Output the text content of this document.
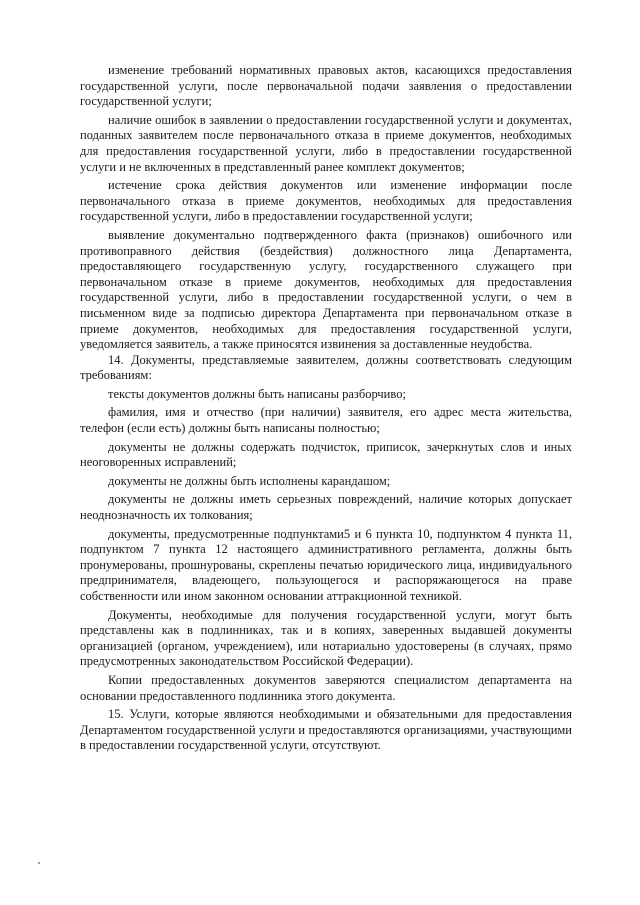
изменение требований нормативных правовых актов, касающихся предоставления государственной услуги, после первоначальной подачи заявления о предоставлении государственной услуги;

наличие ошибок в заявлении о предоставлении государственной услуги и документах, поданных заявителем после первоначального отказа в приеме документов, необходимых для предоставления государственной услуги, либо в предоставлении государственной услуги и не включенных в представленный ранее комплект документов;

истечение срока действия документов или изменение информации после первоначального отказа в приеме документов, необходимых для предоставления государственной услуги, либо в предоставлении государственной услуги;

выявление документально подтвержденного факта (признаков) ошибочного или противоправного действия (бездействия) должностного лица Департамента, предоставляющего государственную услугу, государственного служащего при первоначальном отказе в приеме документов, необходимых для предоставления государственной услуги, либо в предоставлении государственной услуги, о чем в письменном виде за подписью директора Департамента при первоначальном отказе в приеме документов, необходимых для предоставления государственной услуги, уведомляется заявитель, а также приносятся извинения за доставленные неудобства.

14. Документы, представляемые заявителем, должны соответствовать следующим требованиям:

тексты документов должны быть написаны разборчиво;

фамилия, имя и отчество (при наличии) заявителя, его адрес места жительства, телефон (если есть) должны быть написаны полностью;

документы не должны содержать подчисток, приписок, зачеркнутых слов и иных неоговоренных исправлений;

документы не должны быть исполнены карандашом;

документы не должны иметь серьезных повреждений, наличие которых допускает неоднозначность их толкования;

документы, предусмотренные подпунктами5 и 6 пункта 10, подпунктом 4 пункта 11, подпунктом 7 пункта 12 настоящего административного регламента, должны быть пронумерованы, прошнурованы, скреплены печатью юридического лица, индивидуального предпринимателя, владеющего, пользующегося и распоряжающегося на праве собственности или ином законном основании аттракционной техникой.

Документы, необходимые для получения государственной услуги, могут быть представлены как в подлинниках, так и в копиях, заверенных выдавшей документы организацией (органом, учреждением), или нотариально удостоверены (в случаях, прямо предусмотренных законодательством Российской Федерации).

Копии предоставленных документов заверяются специалистом департамента на основании предоставленного подлинника этого документа.

15. Услуги, которые являются необходимыми и обязательными для предоставления Департаментом государственной услуги и предоставляются организациями, участвующими в предоставлении государственной услуги, отсутствуют.
